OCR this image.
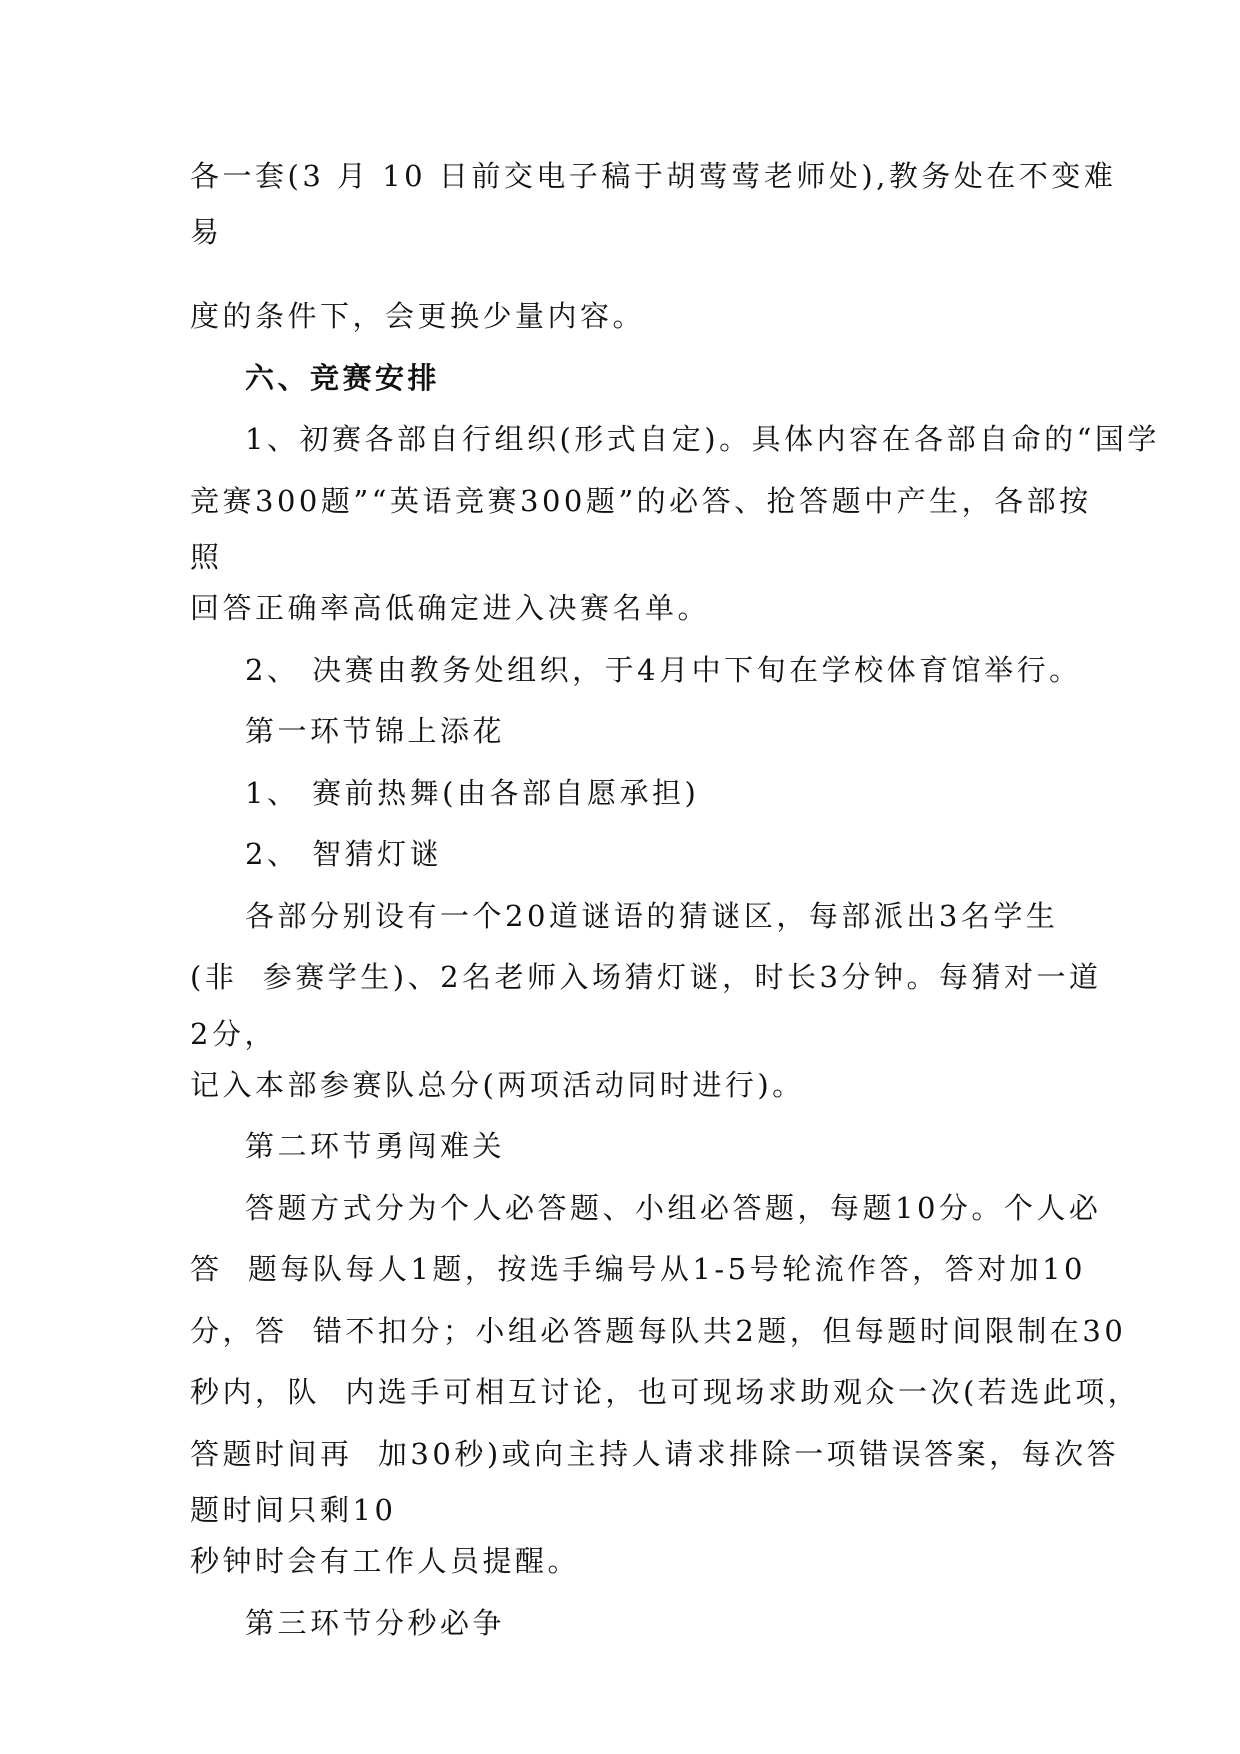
各一套(3 月 10 日前交电子稿于胡莺莺老师处),教务处在不变难
易
度的条件下，会更换少量内容。
六、竞赛安排
1、初赛各部自行组织(形式自定)。具体内容在各部自命的“国学
竞赛300题”“英语竞赛300题”的必答、抢答题中产生，各部按
照
回答正确率高低确定进入决赛名单。
2、 决赛由教务处组织，于4月中下旬在学校体育馆举行。
第一环节锦上添花
1、 赛前热舞(由各部自愿承担)
2、 智猜灯谜
各部分别设有一个20道谜语的猜谜区，每部派出3名学生
(非  参赛学生)、2名老师入场猜灯谜，时长3分钟。每猜对一道
2分，
记入本部参赛队总分(两项活动同时进行)。
第二环节勇闯难关
答题方式分为个人必答题、小组必答题，每题10分。个人必
答  题每队每人1题，按选手编号从1-5号轮流作答，答对加10
分，答  错不扣分；小组必答题每队共2题，但每题时间限制在30
秒内，队  内选手可相互讨论，也可现场求助观众一次(若选此项，
答题时间再  加30秒)或向主持人请求排除一项错误答案，每次答
题时间只剩10
秒钟时会有工作人员提醒。
第三环节分秒必争
